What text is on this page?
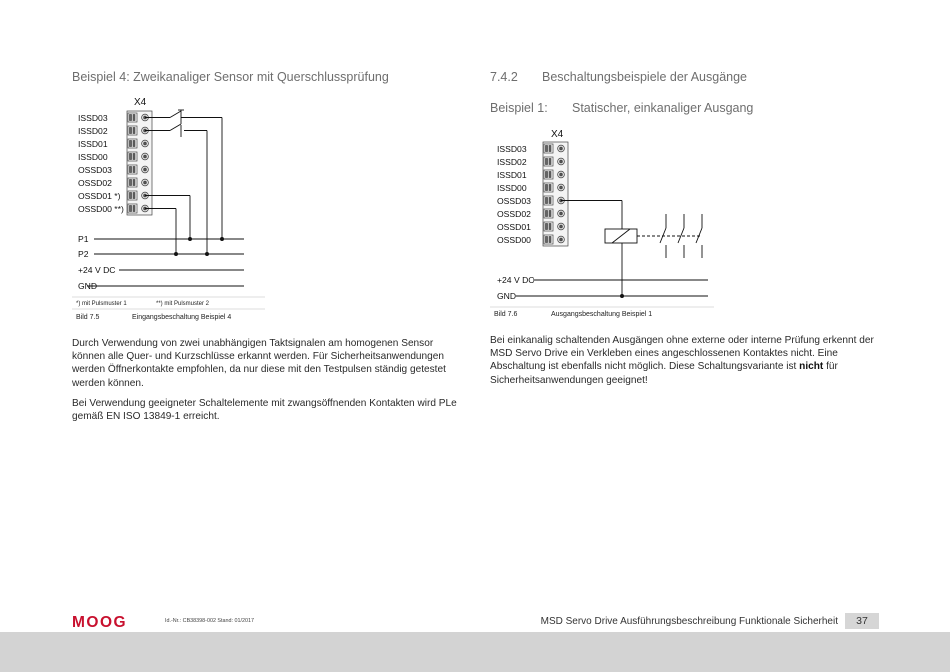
Beispiel 4: Zweikanaliger Sensor mit Querschlussprüfung
X4
ISSD03
ISSD02
ISSD01
ISSD00
OSSD03
OSSD02
OSSD01 *)
OSSD00 **)
P1
P2
+24 V DC
GND
*) mit Pulsmuster 1	**) mit Pulsmuster 2
Bild 7.5	Eingangsbeschaltung Beispiel 4

Durch Verwendung von zwei unabhängigen Taktsignalen am homogenen Sensor können alle Quer- und Kurzschlüsse erkannt werden. Für Sicherheitsanwendungen werden Öffnerkontakte empfohlen, da nur diese mit den Testpulsen ständig getestet werden können.

Bei Verwendung geeigneter Schaltelemente mit zwangsöffnenden Kontakten wird PLe gemäß EN ISO 13849-1 erreicht.

7.4.2 Beschaltungsbeispiele der Ausgänge
Beispiel 1: Statischer, einkanaliger Ausgang
X4
ISSD03
ISSD02
ISSD01
ISSD00
OSSD03
OSSD02
OSSD01
OSSD00
+24 V DC
GND
Bild 7.6	Ausgangsbeschaltung Beispiel 1

Bei einkanalig schaltenden Ausgängen ohne externe oder interne Prüfung erkennt der MSD Servo Drive ein Verkleben eines angeschlossenen Kontaktes nicht. Eine Abschaltung ist ebenfalls nicht möglich. Diese Schaltungsvariante ist nicht für Sicherheitsanwendungen geeignet!

MOOG	Id.-Nr.: CB38398-002 Stand: 01/2017	MSD Servo Drive Ausführungsbeschreibung Funktionale Sicherheit	37
